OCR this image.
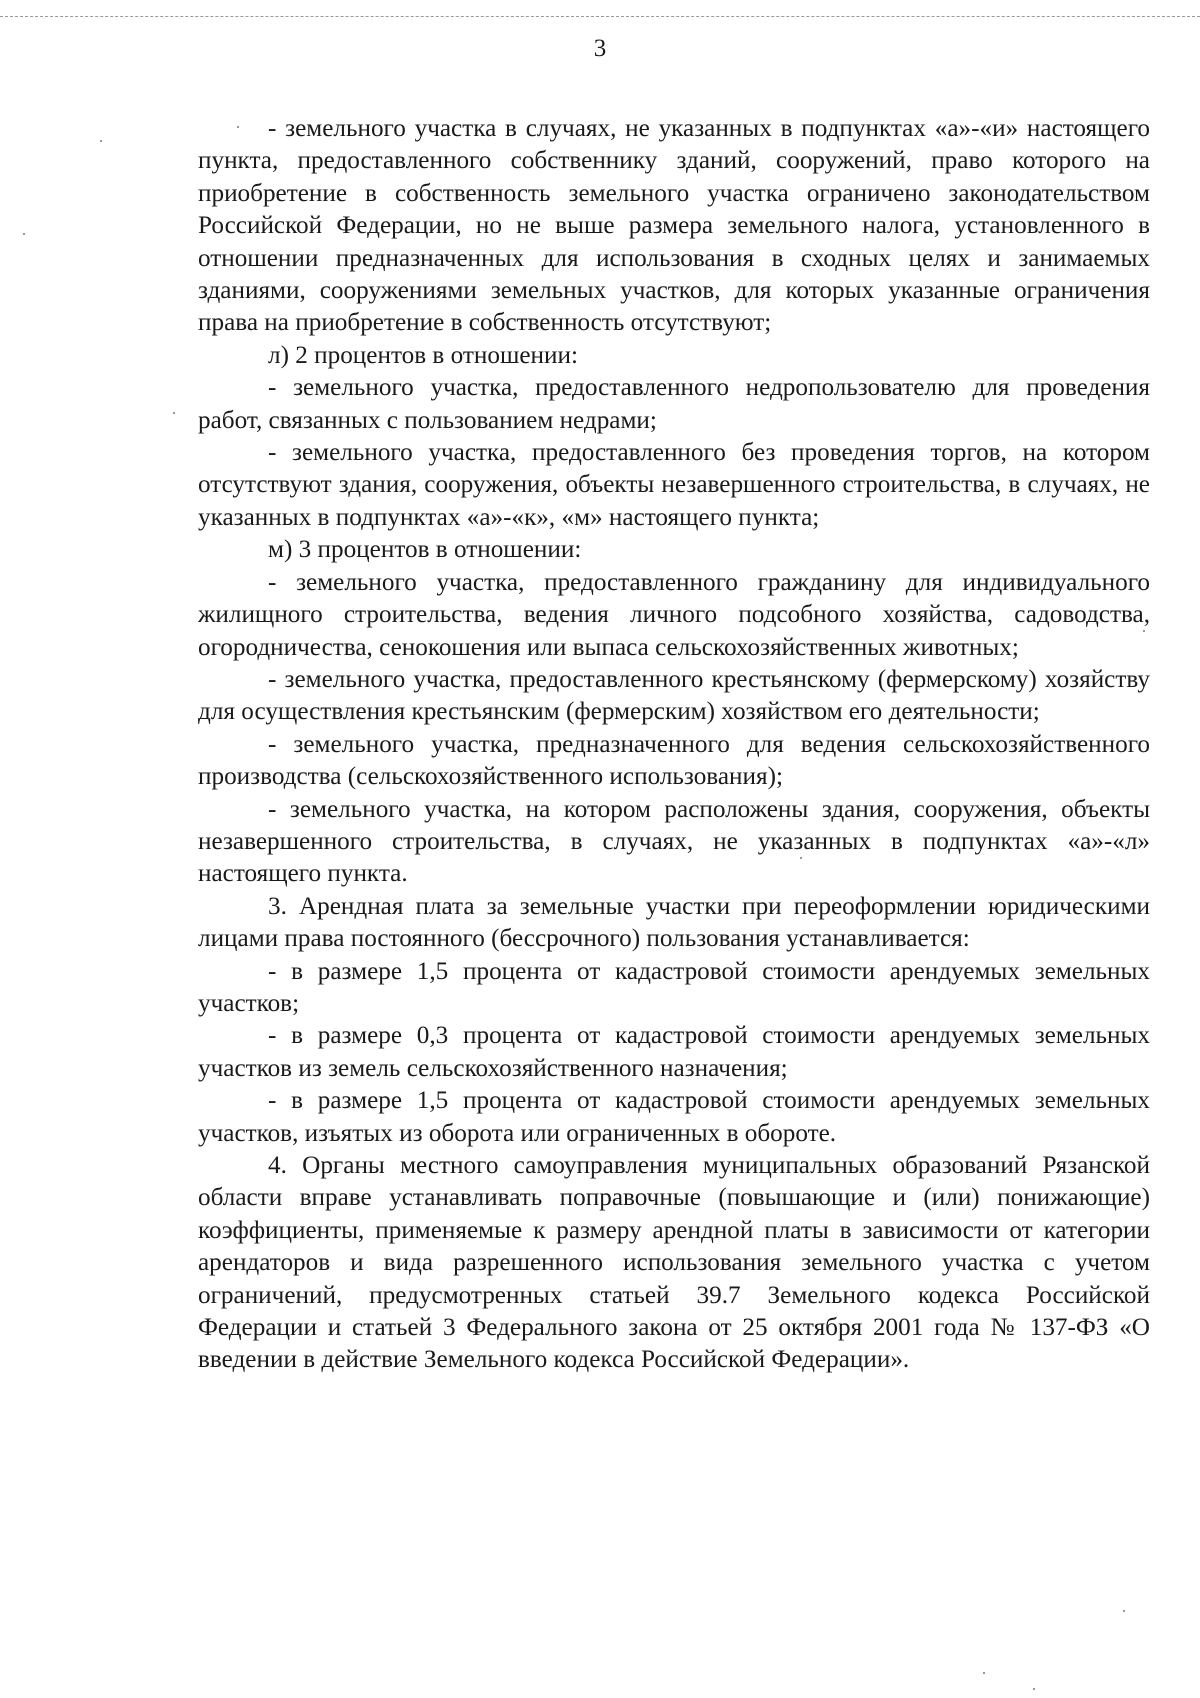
3

- земельного участка в случаях, не указанных в подпунктах «а»-«и» настоящего пункта, предоставленного собственнику зданий, сооружений, право которого на приобретение в собственность земельного участка ограничено законодательством Российской Федерации, но не выше размера земельного налога, установленного в отношении предназначенных для использования в сходных целях и занимаемых зданиями, сооружениями земельных участков, для которых указанные ограничения права на приобретение в собственность отсутствуют;

л) 2 процентов в отношении:

- земельного участка, предоставленного недропользователю для проведения работ, связанных с пользованием недрами;

- земельного участка, предоставленного без проведения торгов, на котором отсутствуют здания, сооружения, объекты незавершенного строительства, в случаях, не указанных в подпунктах «а»-«к», «м» настоящего пункта;

м) 3 процентов в отношении:

- земельного участка, предоставленного гражданину для индивидуального жилищного строительства, ведения личного подсобного хозяйства, садоводства, огородничества, сенокошения или выпаса сельскохозяйственных животных;

- земельного участка, предоставленного крестьянскому (фермерскому) хозяйству для осуществления крестьянским (фермерским) хозяйством его деятельности;

- земельного участка, предназначенного для ведения сельскохозяйственного производства (сельскохозяйственного использования);

- земельного участка, на котором расположены здания, сооружения, объекты незавершенного строительства, в случаях, не указанных в подпунктах «а»-«л» настоящего пункта.

3. Арендная плата за земельные участки при переоформлении юридическими лицами права постоянного (бессрочного) пользования устанавливается:

- в размере 1,5 процента от кадастровой стоимости арендуемых земельных участков;

- в размере 0,3 процента от кадастровой стоимости арендуемых земельных участков из земель сельскохозяйственного назначения;

- в размере 1,5 процента от кадастровой стоимости арендуемых земельных участков, изъятых из оборота или ограниченных в обороте.

4. Органы местного самоуправления муниципальных образований Рязанской области вправе устанавливать поправочные (повышающие и (или) понижающие) коэффициенты, применяемые к размеру арендной платы в зависимости от категории арендаторов и вида разрешенного использования земельного участка с учетом ограничений, предусмотренных статьей 39.7 Земельного кодекса Российской Федерации и статьей 3 Федерального закона от 25 октября 2001 года № 137-ФЗ «О введении в действие Земельного кодекса Российской Федерации».
